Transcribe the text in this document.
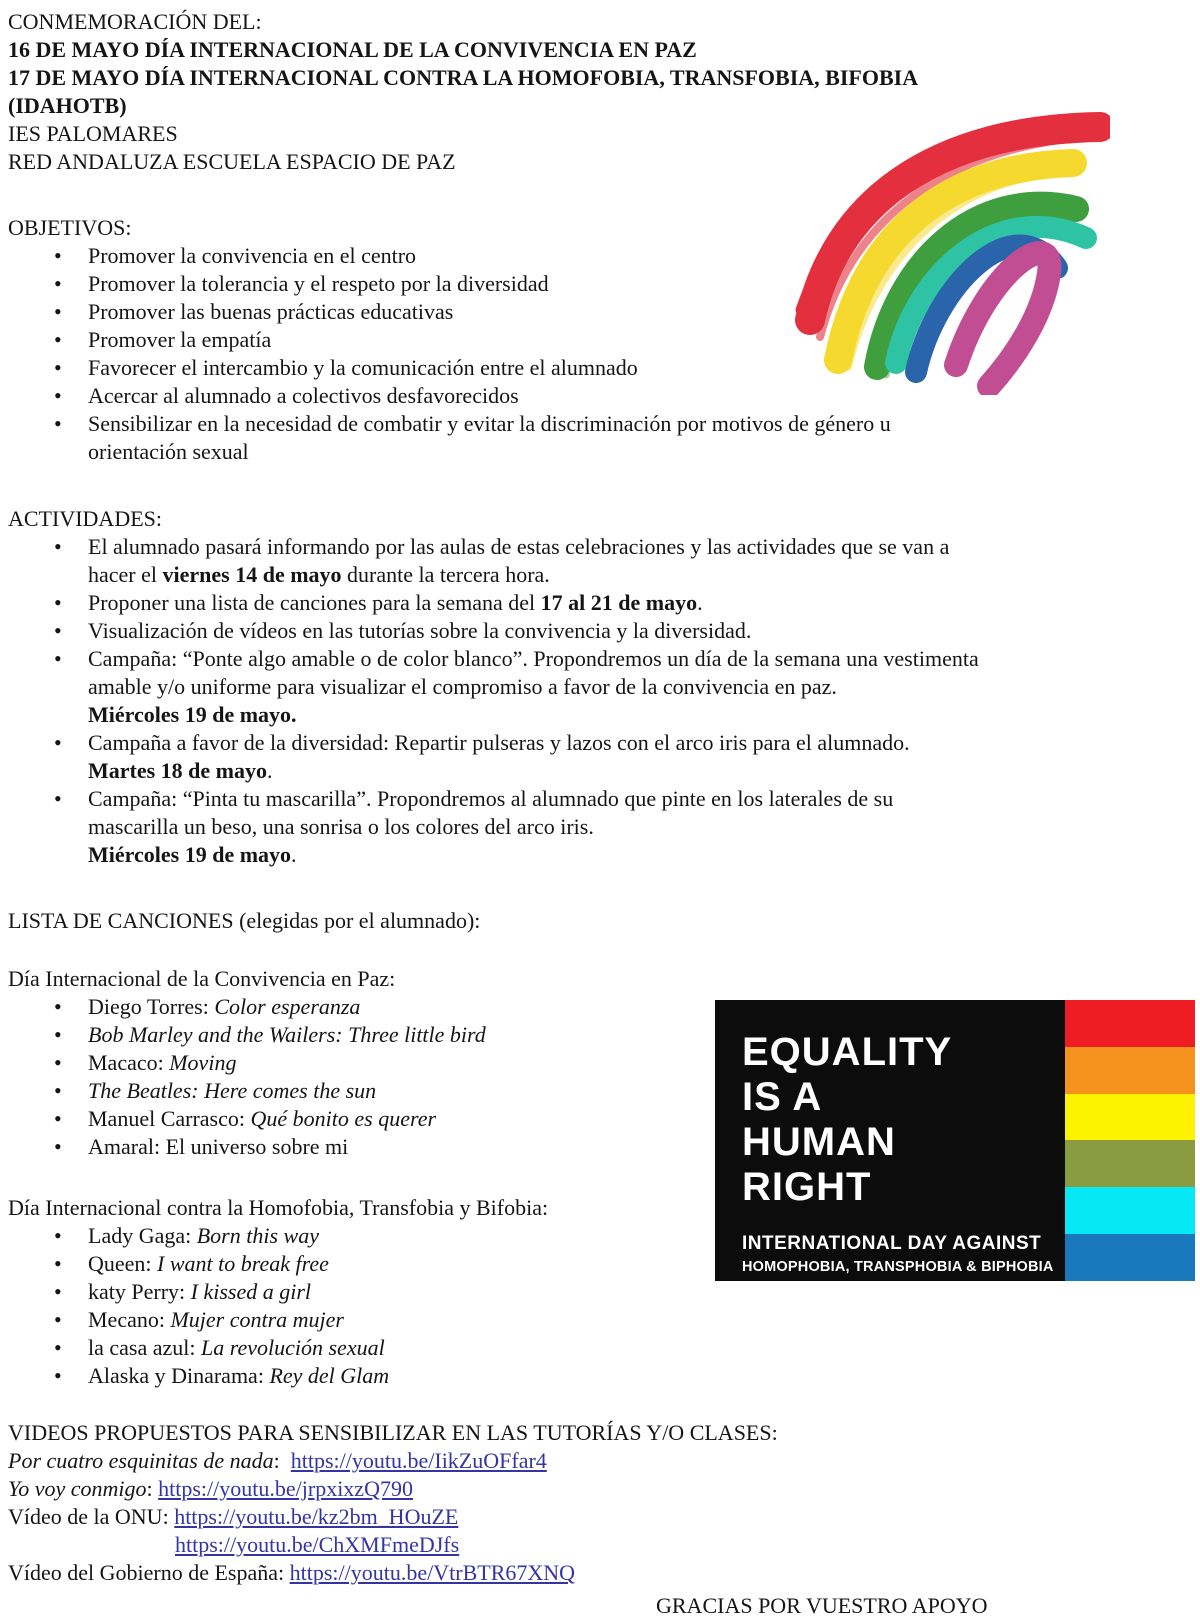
CONMEMORACIÓN DEL:
16 DE MAYO DÍA INTERNACIONAL DE LA CONVIVENCIA EN PAZ
17 DE MAYO DÍA INTERNACIONAL CONTRA LA HOMOFOBIA, TRANSFOBIA, BIFOBIA
(IDAHOTB)
IES PALOMARES
RED ANDALUZA ESCUELA ESPACIO DE PAZ
OBJETIVOS:
• Promover la convivencia en el centro
• Promover la tolerancia y el respeto por la diversidad
• Promover las buenas prácticas educativas
• Promover la empatía
• Favorecer el intercambio y la comunicación entre el alumnado
• Acercar al alumnado a colectivos desfavorecidos
• Sensibilizar en la necesidad de combatir y evitar la discriminación por motivos de género u
orientación sexual
ACTIVIDADES:
• El alumnado pasará informando por las aulas de estas celebraciones y las actividades que se van a
hacer el viernes 14 de mayo durante la tercera hora.
• Proponer una lista de canciones para la semana del 17 al 21 de mayo.
• Visualización de vídeos en las tutorías sobre la convivencia y la diversidad.
• Campaña: “Ponte algo amable o de color blanco”. Propondremos un día de la semana una vestimenta
amable y/o uniforme para visualizar el compromiso a favor de la convivencia en paz.
Miércoles 19 de mayo.
• Campaña a favor de la diversidad: Repartir pulseras y lazos con el arco iris para el alumnado.
Martes 18 de mayo.
• Campaña: “Pinta tu mascarilla”. Propondremos al alumnado que pinte en los laterales de su
mascarilla un beso, una sonrisa o los colores del arco iris.
Miércoles 19 de mayo.
LISTA DE CANCIONES (elegidas por el alumnado):
Día Internacional de la Convivencia en Paz:
• Diego Torres: Color esperanza
• Bob Marley and the Wailers: Three little bird
• Macaco: Moving
• The Beatles: Here comes the sun
• Manuel Carrasco: Qué bonito es querer
• Amaral: El universo sobre mi
Día Internacional contra la Homofobia, Transfobia y Bifobia:
• Lady Gaga: Born this way
• Queen: I want to break free
• katy Perry: I kissed a girl
• Mecano: Mujer contra mujer
• la casa azul: La revolución sexual
• Alaska y Dinarama: Rey del Glam
VIDEOS PROPUESTOS PARA SENSIBILIZAR EN LAS TUTORÍAS Y/O CLASES:
Por cuatro esquinitas de nada:  https://youtu.be/IikZuOFfar4
Yo voy conmigo: https://youtu.be/jrpxixzQ790
Vídeo de la ONU: https://youtu.be/kz2bm_HOuZE
https://youtu.be/ChXMFmeDJfs
Vídeo del Gobierno de España: https://youtu.be/VtrBTR67XNQ
GRACIAS POR VUESTRO APOYO
EQUALITY
IS A
HUMAN
RIGHT
INTERNATIONAL DAY AGAINST
HOMOPHOBIA, TRANSPHOBIA & BIPHOBIA
